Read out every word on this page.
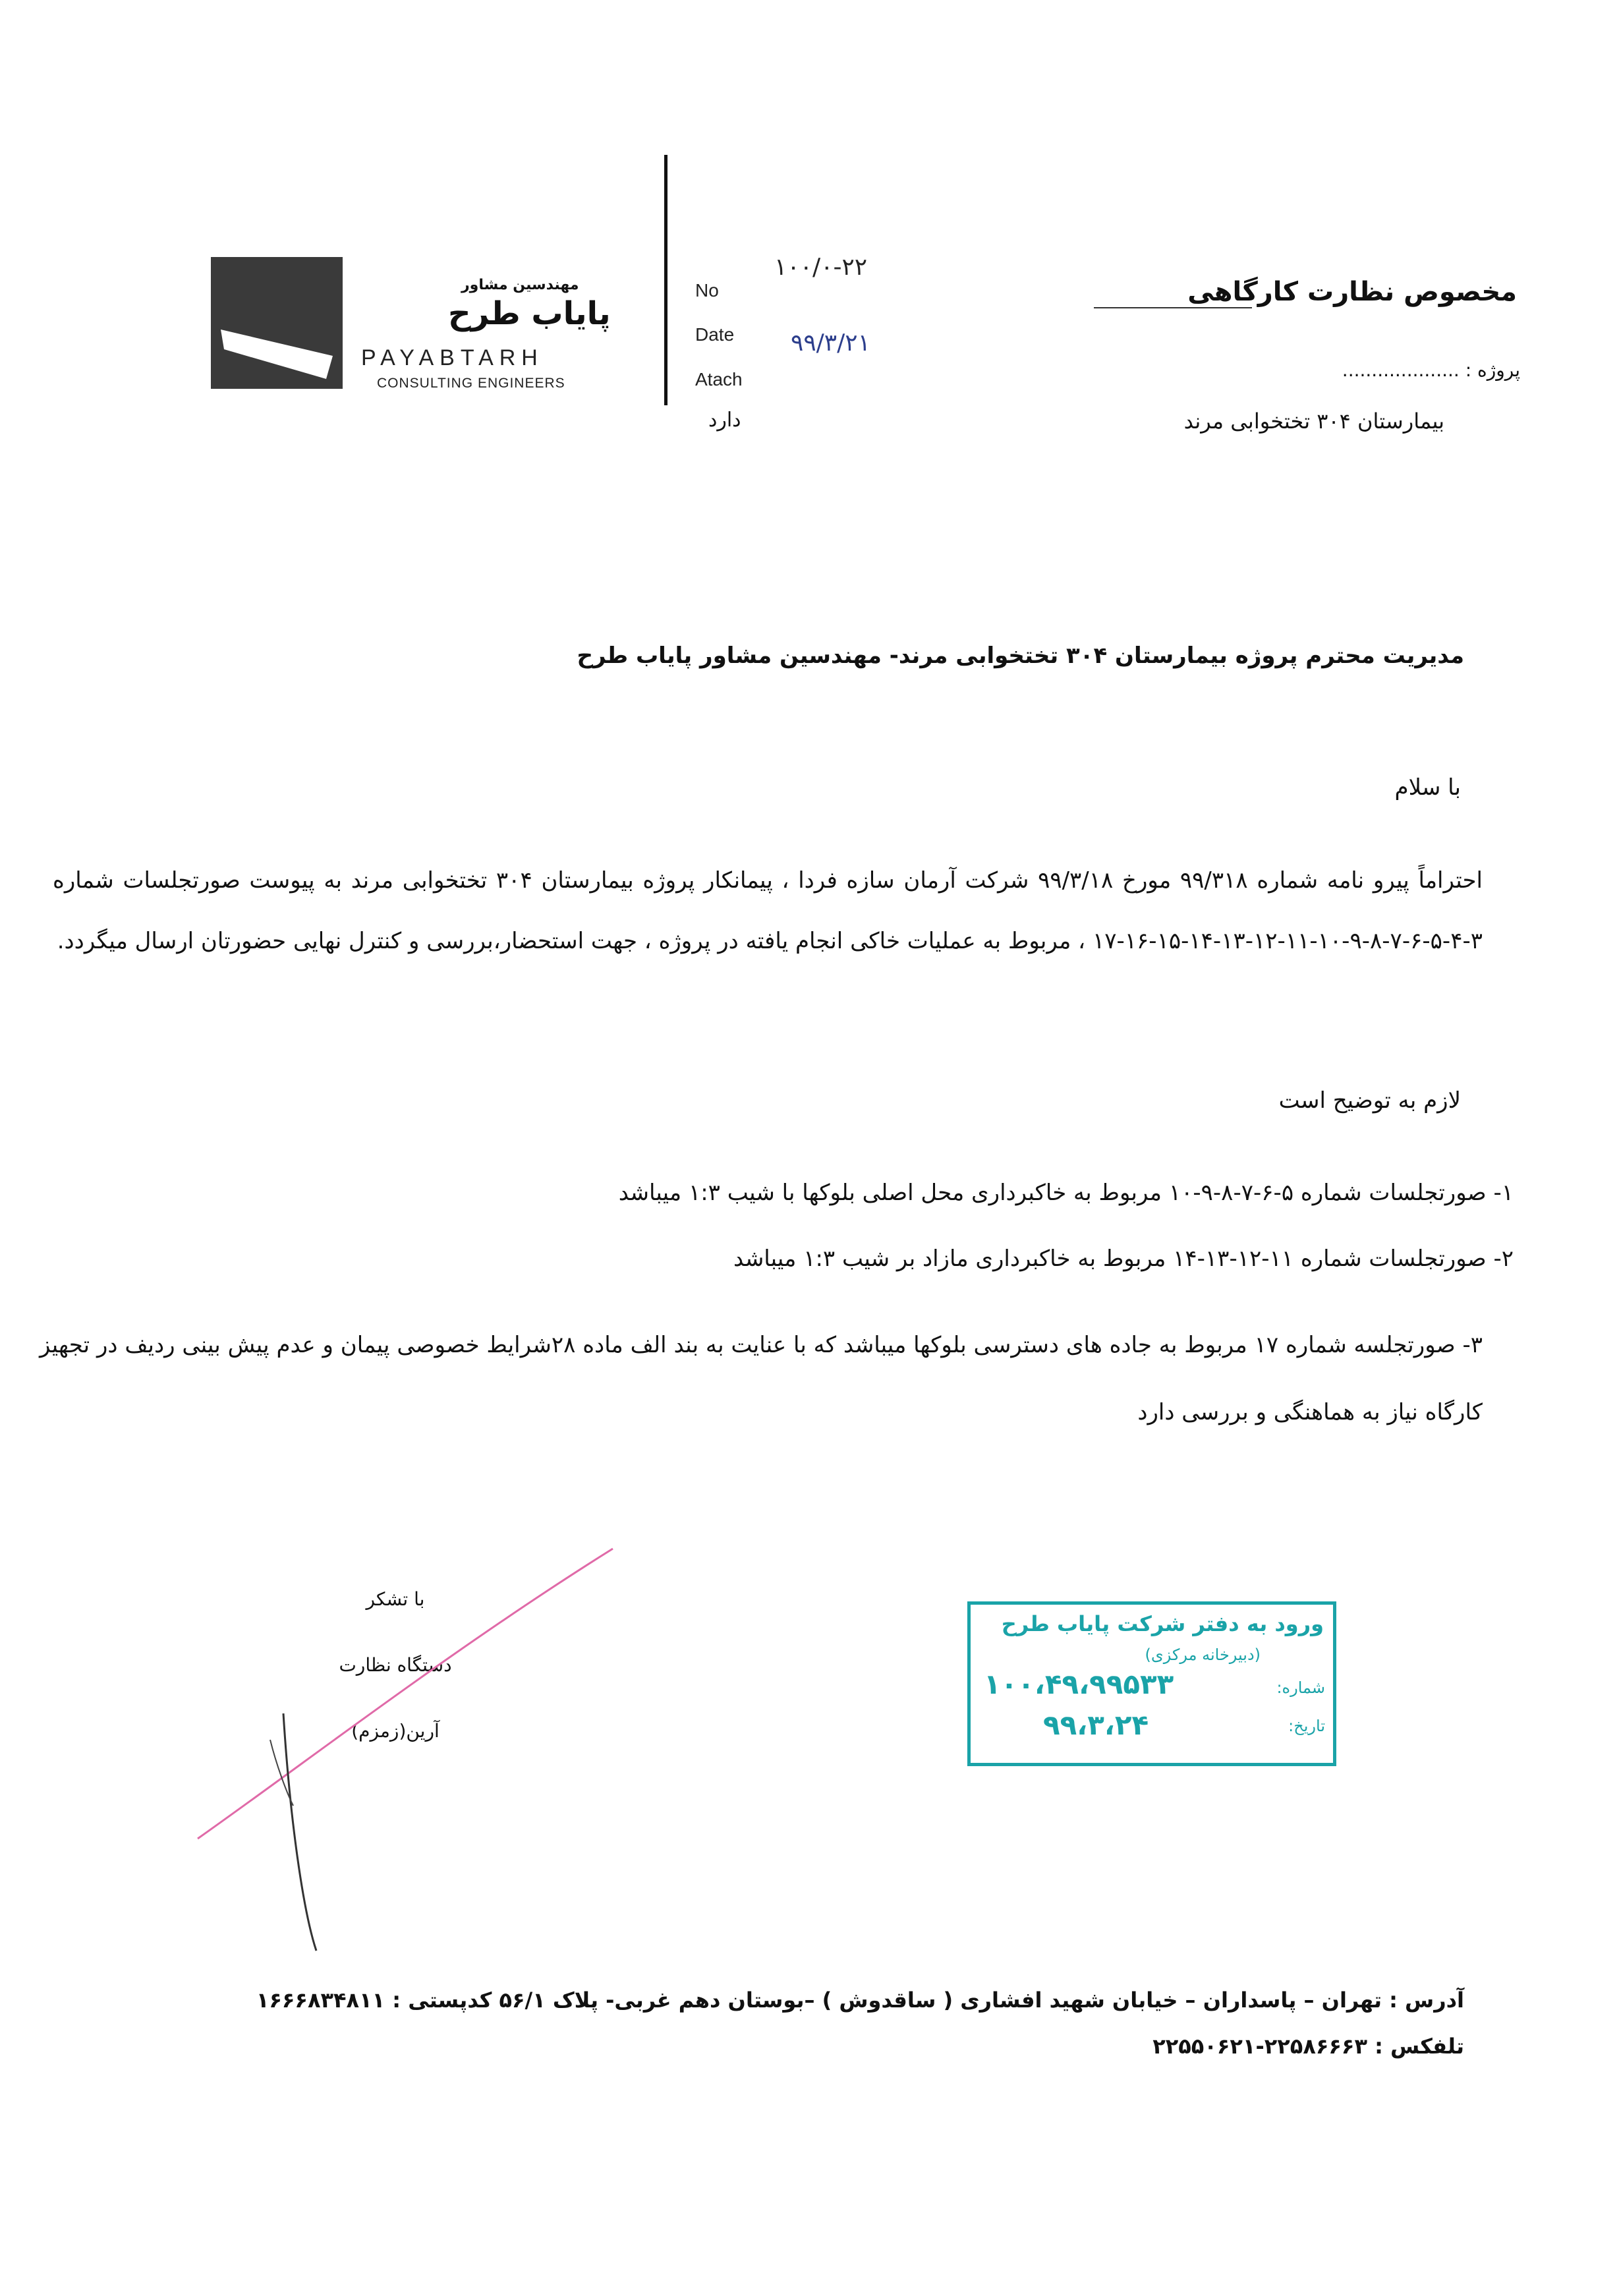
مهندسین مشاور
پایاب طرح
PAYABTARH
CONSULTING ENGINEERS
No
۱۰۰/۰-۲۲
Date ۹۹/۳/۲۱
Atach
دارد
مخصوص نظارت کارگاهی
پروژه : ....................
بیمارستان ۳۰۴ تختخوابی مرند
مدیریت محترم پروژه بیمارستان ۳۰۴ تختخوابی مرند- مهندسین مشاور پایاب طرح
با سلام
احتراماً پیرو نامه شماره ۹۹/۳۱۸ مورخ ۹۹/۳/۱۸ شرکت آرمان سازه فردا ، پیمانکار پروژه بیمارستان ۳۰۴ تختخوابی مرند به پیوست صورتجلسات شماره ۳-۴-۵-۶-۷-۸-۹-۱۰-۱۱-۱۲-۱۳-۱۴-۱۵-۱۶-۱۷ ، مربوط به عملیات خاکی انجام یافته در پروژه ، جهت استحضار،بررسی و کنترل نهایی حضورتان ارسال میگردد.
لازم به توضیح است
۱- صورتجلسات شماره ۵-۶-۷-۸-۹-۱۰ مربوط به خاکبرداری محل اصلی بلوکها با شیب ۱:۳ میباشد
۲- صورتجلسات شماره ۱۱-۱۲-۱۳-۱۴ مربوط به خاکبرداری مازاد بر شیب ۱:۳ میباشد
۳- صورتجلسه شماره ۱۷ مربوط به جاده های دسترسی بلوکها میباشد که با عنایت به بند الف ماده ۲۸شرایط خصوصی پیمان و عدم پیش بینی ردیف در تجهیز کارگاه نیاز به هماهنگی و بررسی دارد
با تشکر
دستگاه نظارت
آرین(زمزم)
ورود به دفتر شرکت پایاب طرح
(دبیرخانه مرکزی)
شماره:
۱۰۰،۴۹،۹۹۵۳۳
تاریخ:
۹۹،۳،۲۴
آدرس : تهران – پاسداران – خیابان شهید افشاری ( ساقدوش ) –بوستان دهم غربی- پلاک ۵۶/۱ کدپستی : ۱۶۶۶۸۳۴۸۱۱
تلفکس : ۲۲۵۸۶۶۶۳-۲۲۵۵۰۶۲۱
